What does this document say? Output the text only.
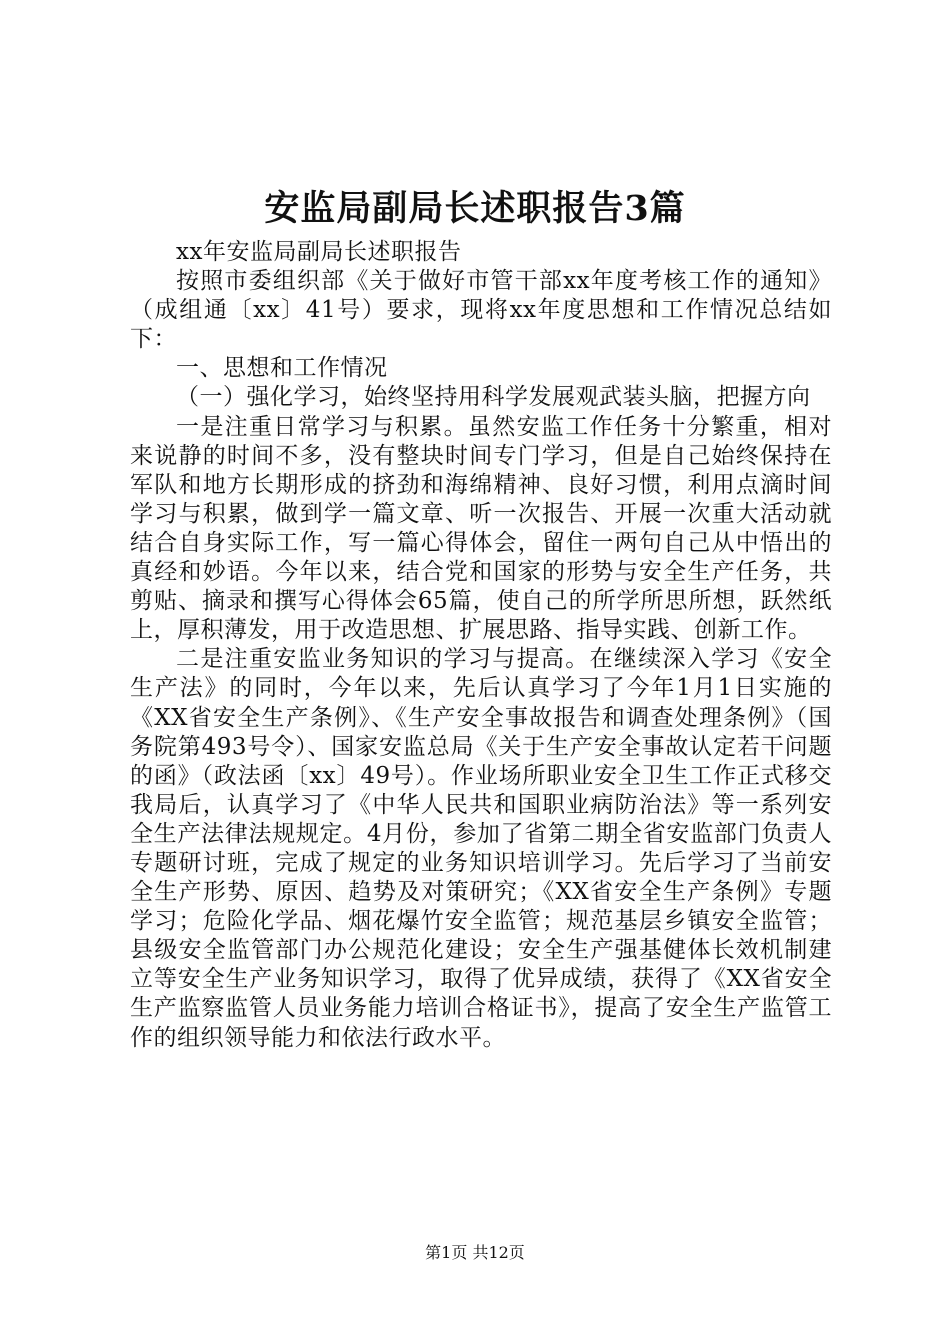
安监局副局长述职报告3篇

xx年安监局副局长述职报告

按照市委组织部《关于做好市管干部xx年度考核工作的通知》（成组通〔xx〕41号）要求，现将xx年度思想和工作情况总结如下：

一、思想和工作情况

（一）强化学习，始终坚持用科学发展观武装头脑，把握方向

一是注重日常学习与积累。虽然安监工作任务十分繁重，相对来说静的时间不多，没有整块时间专门学习，但是自己始终保持在军队和地方长期形成的挤劲和海绵精神、良好习惯，利用点滴时间学习与积累，做到学一篇文章、听一次报告、开展一次重大活动就结合自身实际工作，写一篇心得体会，留住一两句自己从中悟出的真经和妙语。今年以来，结合党和国家的形势与安全生产任务，共剪贴、摘录和撰写心得体会65篇，使自己的所学所思所想，跃然纸上，厚积薄发，用于改造思想、扩展思路、指导实践、创新工作。

二是注重安监业务知识的学习与提高。在继续深入学习《安全生产法》的同时，今年以来，先后认真学习了今年1月1日实施的《XX省安全生产条例》、《生产安全事故报告和调查处理条例》（国务院第493号令）、国家安监总局《关于生产安全事故认定若干问题的函》（政法函〔xx〕49号）。作业场所职业安全卫生工作正式移交我局后，认真学习了《中华人民共和国职业病防治法》等一系列安全生产法律法规规定。4月份，参加了省第二期全省安监部门负责人专题研讨班，完成了规定的业务知识培训学习。先后学习了当前安全生产形势、原因、趋势及对策研究；《XX省安全生产条例》专题学习；危险化学品、烟花爆竹安全监管；规范基层乡镇安全监管；县级安全监管部门办公规范化建设；安全生产强基健体长效机制建立等安全生产业务知识学习，取得了优异成绩，获得了《XX省安全生产监察监管人员业务能力培训合格证书》，提高了安全生产监管工作的组织领导能力和依法行政水平。

第1页 共12页
